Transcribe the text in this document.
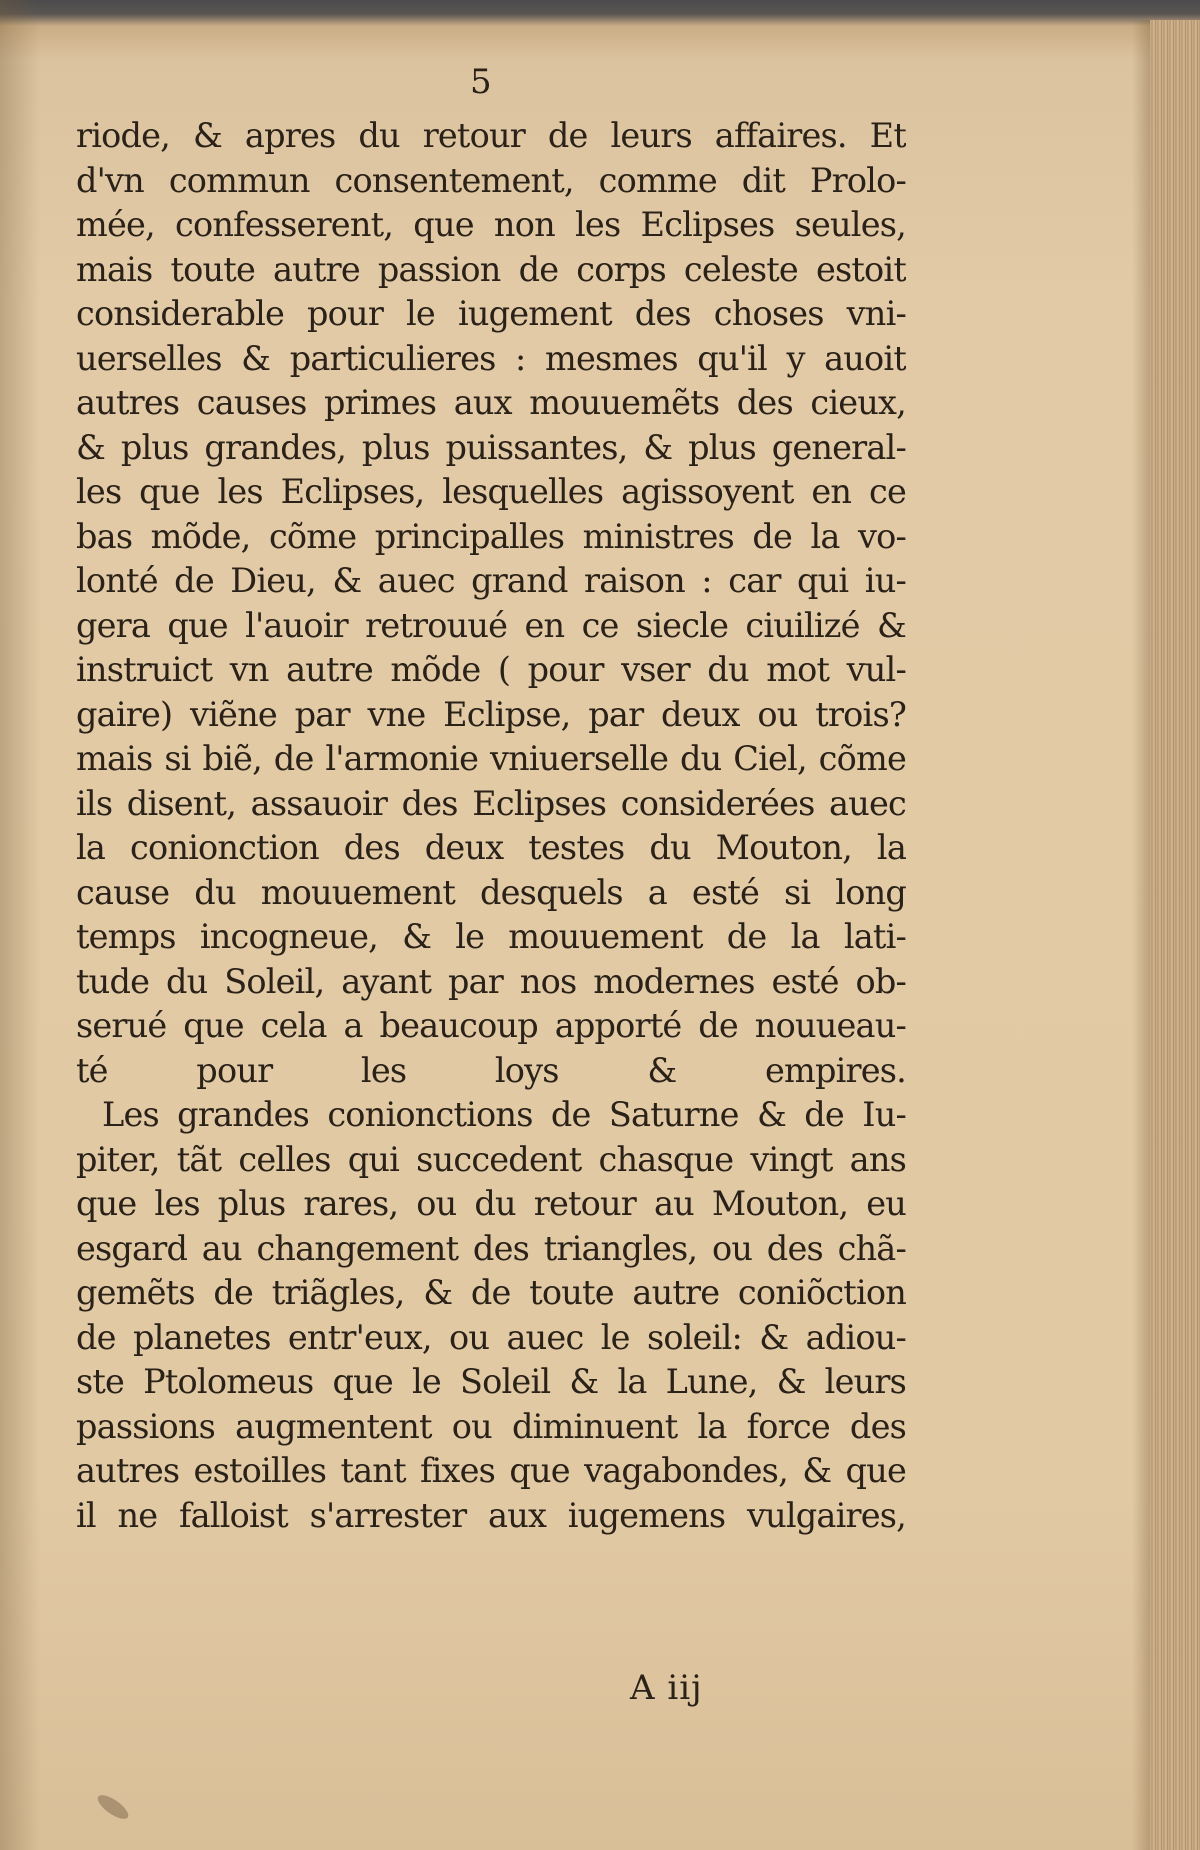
5
riode, & apres du retour de leurs affaires. Et
d'vn commun consentement, comme dit Prolo-
mée, confesserent, que non les Eclipses seules,
mais toute autre passion de corps celeste estoit
considerable pour le iugement des choses vni-
uerselles & particulieres : mesmes qu'il y auoit
autres causes primes aux mouuemẽts des cieux,
& plus grandes, plus puissantes, & plus general-
les que les Eclipses, lesquelles agissoyent en ce
bas mõde, cõme principalles ministres de la vo-
lonté de Dieu, & auec grand raison : car qui iu-
gera que l'auoir retrouué en ce siecle ciuilizé &
instruict vn autre mõde ( pour vser du mot vul-
gaire) viẽne par vne Eclipse, par deux ou trois?
mais si biẽ, de l'armonie vniuerselle du Ciel, cõme
ils disent, assauoir des Eclipses considerées auec
la conionction des deux testes du Mouton, la
cause du mouuement desquels a esté si long
temps incogneue, & le mouuement de la lati-
tude du Soleil, ayant par nos modernes esté ob-
serué que cela a beaucoup apporté de nouueau-
té pour les loys & empires.
Les grandes conionctions de Saturne & de Iu-
piter, tãt celles qui succedent chasque vingt ans
que les plus rares, ou du retour au Mouton, eu
esgard au changement des triangles, ou des chã-
gemẽts de triãgles, & de toute autre coniõction
de planetes entr'eux, ou auec le soleil: & adiou-
ste Ptolomeus que le Soleil & la Lune, & leurs
passions augmentent ou diminuent la force des
autres estoilles tant fixes que vagabondes, & que
il ne falloist s'arrester aux iugemens vulgaires,
A iij
